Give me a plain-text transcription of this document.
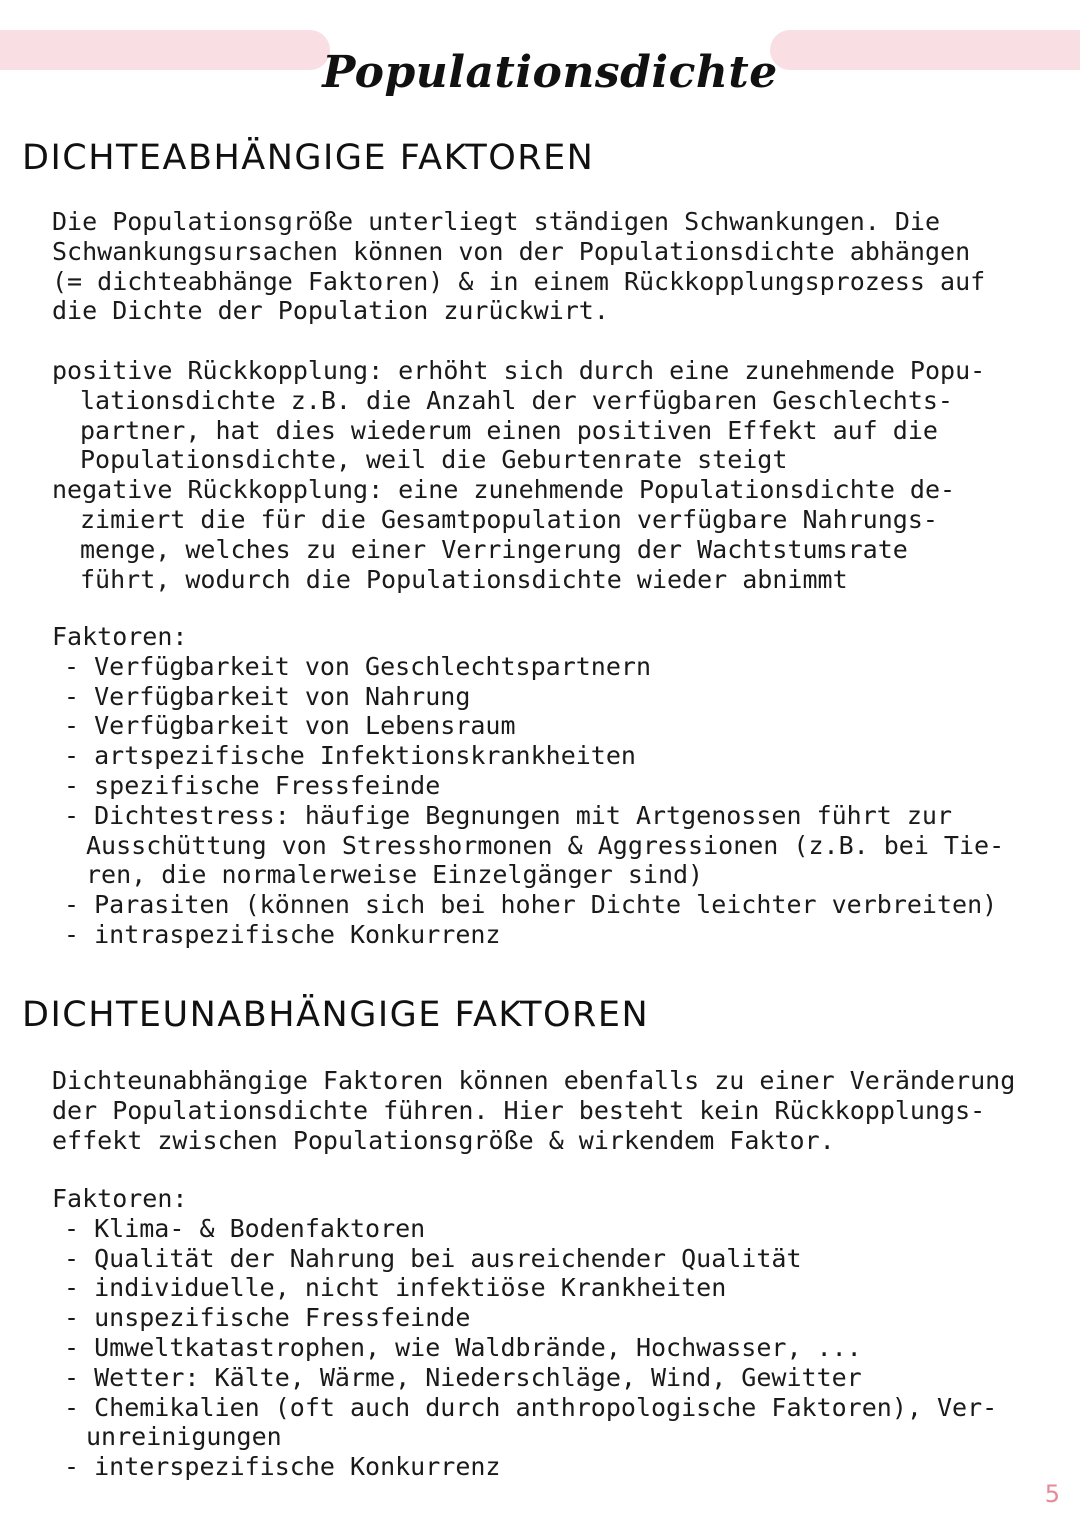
Populationsdichte
DICHTEABHÄNGIGE FAKTOREN
Die Populationsgröße unterliegt ständigen Schwankungen. Die
Schwankungsursachen können von der Populationsdichte abhängen
(= dichteabhänge Faktoren) & in einem Rückkopplungsprozess auf
die Dichte der Population zurückwirt.
positive Rückkopplung: erhöht sich durch eine zunehmende Popu-
lationsdichte z.B. die Anzahl der verfügbaren Geschlechts-
partner, hat dies wiederum einen positiven Effekt auf die
Populationsdichte, weil die Geburtenrate steigt
negative Rückkopplung: eine zunehmende Populationsdichte de-
zimiert die für die Gesamtpopulation verfügbare Nahrungs-
menge, welches zu einer Verringerung der Wachtstumsrate
führt, wodurch die Populationsdichte wieder abnimmt
Faktoren:
- Verfügbarkeit von Geschlechtspartnern
- Verfügbarkeit von Nahrung
- Verfügbarkeit von Lebensraum
- artspezifische Infektionskrankheiten
- spezifische Fressfeinde
- Dichtestress: häufige Begnungen mit Artgenossen führt zur
Ausschüttung von Stresshormonen & Aggressionen (z.B. bei Tie-
ren, die normalerweise Einzelgänger sind)
- Parasiten (können sich bei hoher Dichte leichter verbreiten)
- intraspezifische Konkurrenz
DICHTEUNABHÄNGIGE FAKTOREN
Dichteunabhängige Faktoren können ebenfalls zu einer Veränderung
der Populationsdichte führen. Hier besteht kein Rückkopplungs-
effekt zwischen Populationsgröße & wirkendem Faktor.
Faktoren:
- Klima- & Bodenfaktoren
- Qualität der Nahrung bei ausreichender Qualität
- individuelle, nicht infektiöse Krankheiten
- unspezifische Fressfeinde
- Umweltkatastrophen, wie Waldbrände, Hochwasser, ...
- Wetter: Kälte, Wärme, Niederschläge, Wind, Gewitter
- Chemikalien (oft auch durch anthropologische Faktoren), Ver-
unreinigungen
- interspezifische Konkurrenz
5
